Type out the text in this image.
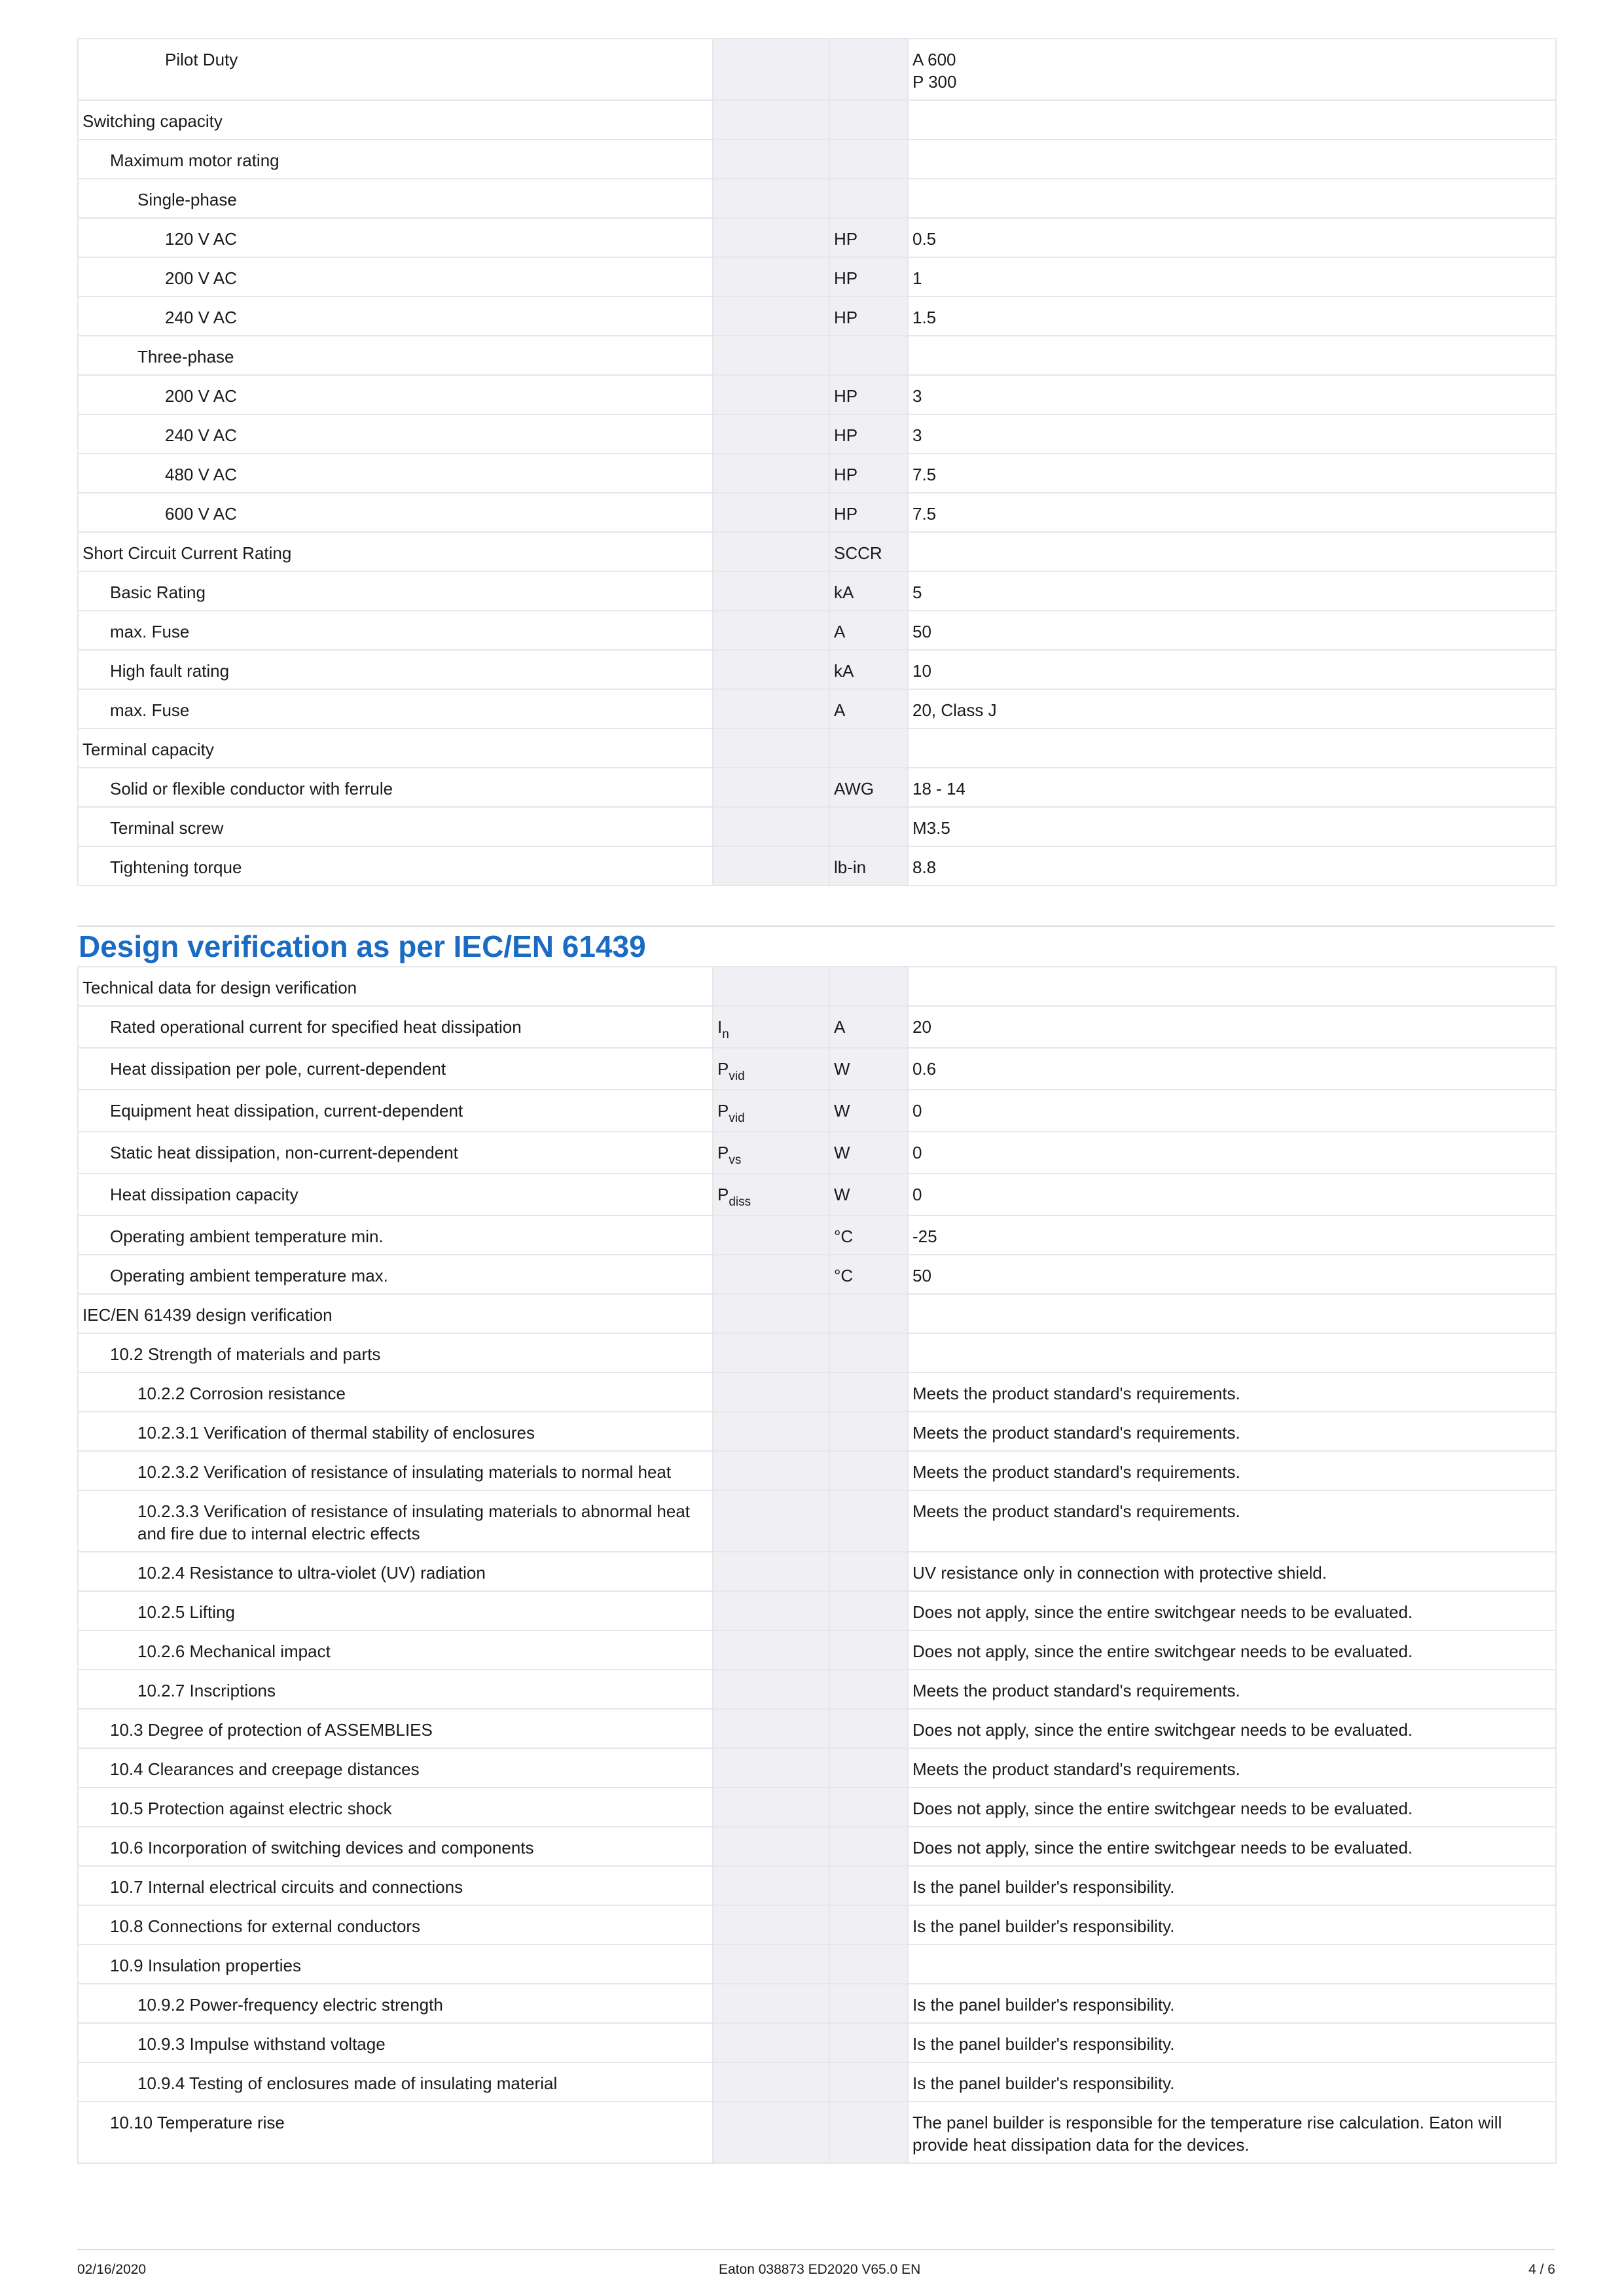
Pilot Duty			A 600
P 300
Switching capacity			
Maximum motor rating			
Single-phase			
120 V AC		HP	0.5
200 V AC		HP	1
240 V AC		HP	1.5
Three-phase			
200 V AC		HP	3
240 V AC		HP	3
480 V AC		HP	7.5
600 V AC		HP	7.5
Short Circuit Current Rating		SCCR	
Basic Rating		kA	5
max. Fuse		A	50
High fault rating		kA	10
max. Fuse		A	20, Class J
Terminal capacity			
Solid or flexible conductor with ferrule		AWG	18 - 14
Terminal screw			M3.5
Tightening torque		lb-in	8.8
Design verification as per IEC/EN 61439
Technical data for design verification			
Rated operational current for specified heat dissipation	$I_n$	A	20
Heat dissipation per pole, current-dependent	$P_{vid}$	W	0.6
Equipment heat dissipation, current-dependent	$P_{vid}$	W	0
Static heat dissipation, non-current-dependent	$P_{vs}$	W	0
Heat dissipation capacity	$P_{diss}$	W	0
Operating ambient temperature min.		°C	-25
Operating ambient temperature max.		°C	50
IEC/EN 61439 design verification			
10.2 Strength of materials and parts			
10.2.2 Corrosion resistance			Meets the product standard's requirements.
10.2.3.1 Verification of thermal stability of enclosures			Meets the product standard's requirements.
10.2.3.2 Verification of resistance of insulating materials to normal heat			Meets the product standard's requirements.
10.2.3.3 Verification of resistance of insulating materials to abnormal heat and fire due to internal electric effects			Meets the product standard's requirements.
10.2.4 Resistance to ultra-violet (UV) radiation			UV resistance only in connection with protective shield.
10.2.5 Lifting			Does not apply, since the entire switchgear needs to be evaluated.
10.2.6 Mechanical impact			Does not apply, since the entire switchgear needs to be evaluated.
10.2.7 Inscriptions			Meets the product standard's requirements.
10.3 Degree of protection of ASSEMBLIES			Does not apply, since the entire switchgear needs to be evaluated.
10.4 Clearances and creepage distances			Meets the product standard's requirements.
10.5 Protection against electric shock			Does not apply, since the entire switchgear needs to be evaluated.
10.6 Incorporation of switching devices and components			Does not apply, since the entire switchgear needs to be evaluated.
10.7 Internal electrical circuits and connections			Is the panel builder's responsibility.
10.8 Connections for external conductors			Is the panel builder's responsibility.
10.9 Insulation properties			
10.9.2 Power-frequency electric strength			Is the panel builder's responsibility.
10.9.3 Impulse withstand voltage			Is the panel builder's responsibility.
10.9.4 Testing of enclosures made of insulating material			Is the panel builder's responsibility.
10.10 Temperature rise			The panel builder is responsible for the temperature rise calculation. Eaton will provide heat dissipation data for the devices.
02/16/2020	Eaton 038873 ED2020 V65.0 EN	4 / 6
